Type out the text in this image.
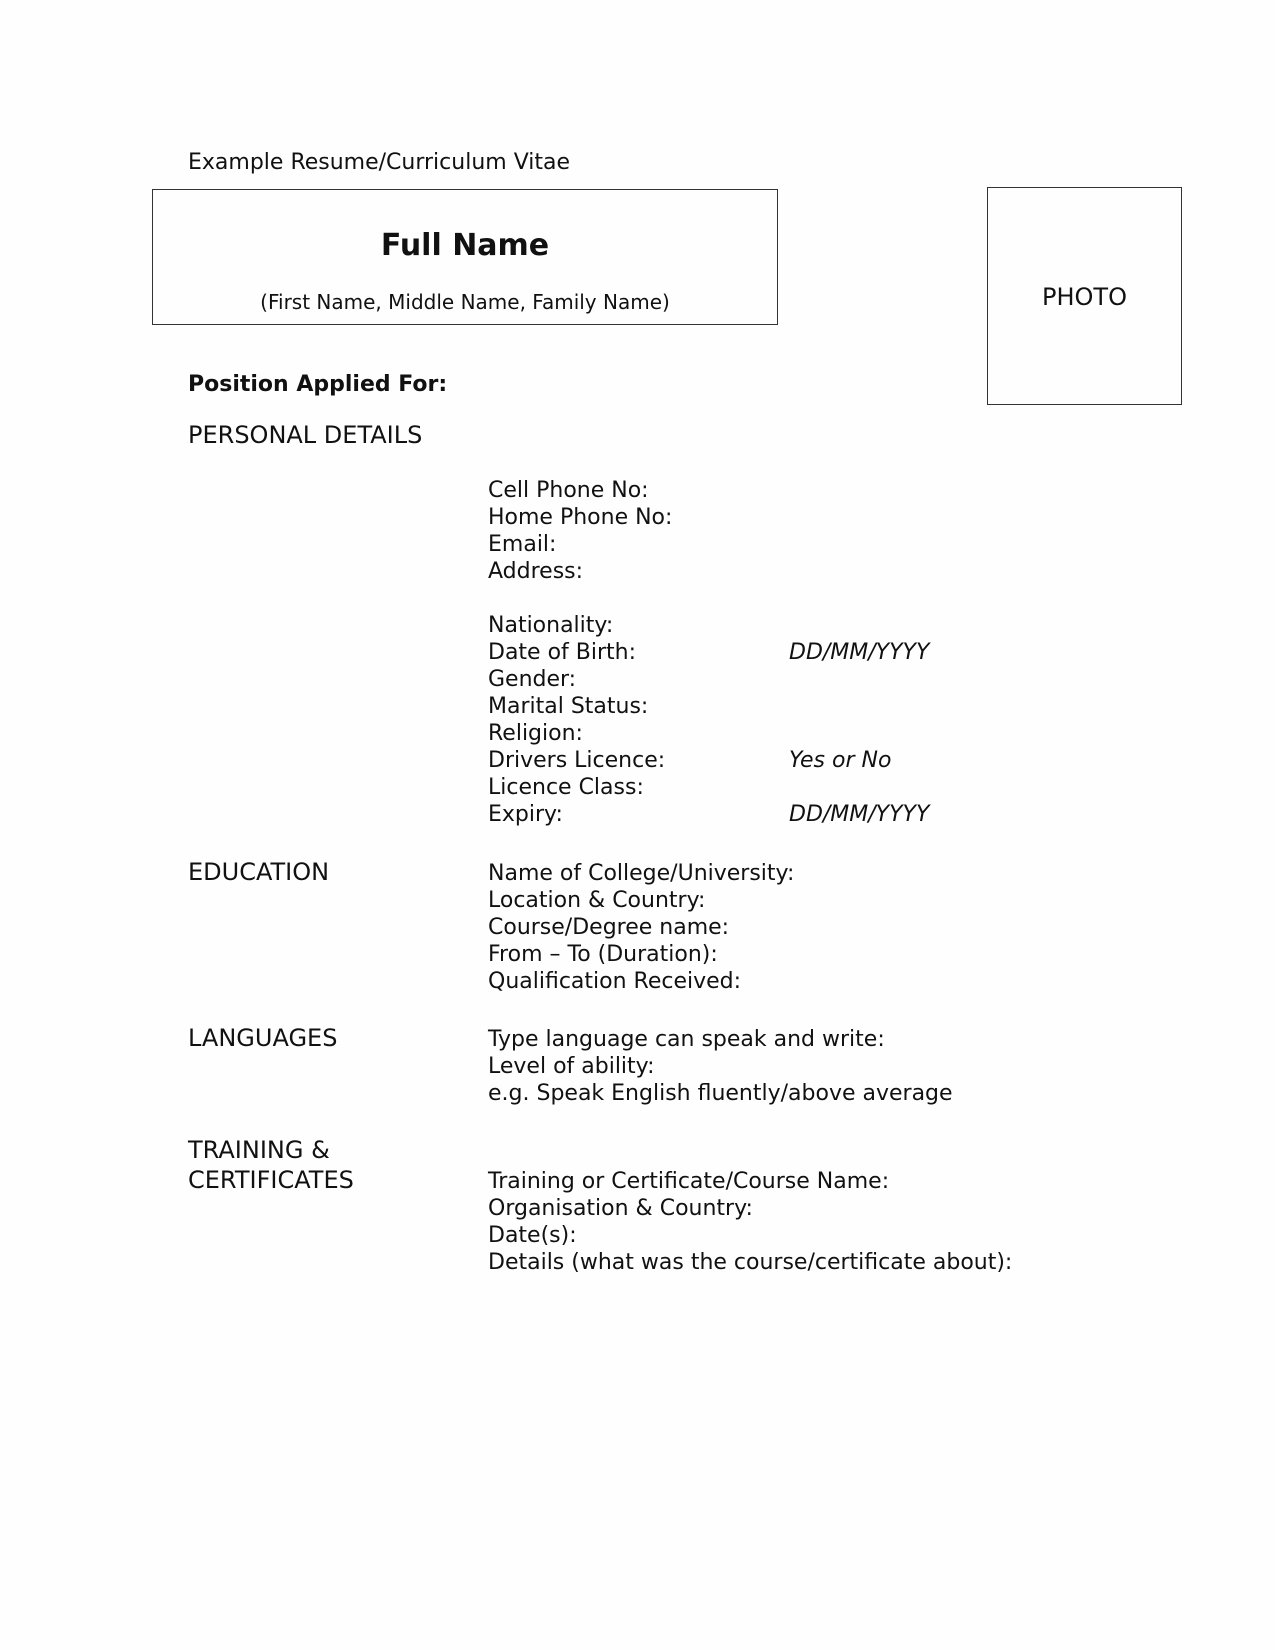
Example Resume/Curriculum Vitae
Full Name
(First Name, Middle Name, Family Name)	PHOTO
Position Applied For:
PERSONAL DETAILS
Cell Phone No:
Home Phone No:
Email:
Address:
Nationality:
Date of Birth:	DD/MM/YYYY
Gender:
Marital Status:
Religion:
Drivers Licence:	Yes or No
Licence Class:
Expiry:	DD/MM/YYYY
EDUCATION	Name of College/University:
Location & Country:
Course/Degree name:
From – To (Duration):
Qualification Received:
LANGUAGES	Type language can speak and write:
Level of ability:
e.g. Speak English fluently/above average
TRAINING &
CERTIFICATES	Training or Certificate/Course Name:
Organisation & Country:
Date(s):
Details (what was the course/certificate about):
